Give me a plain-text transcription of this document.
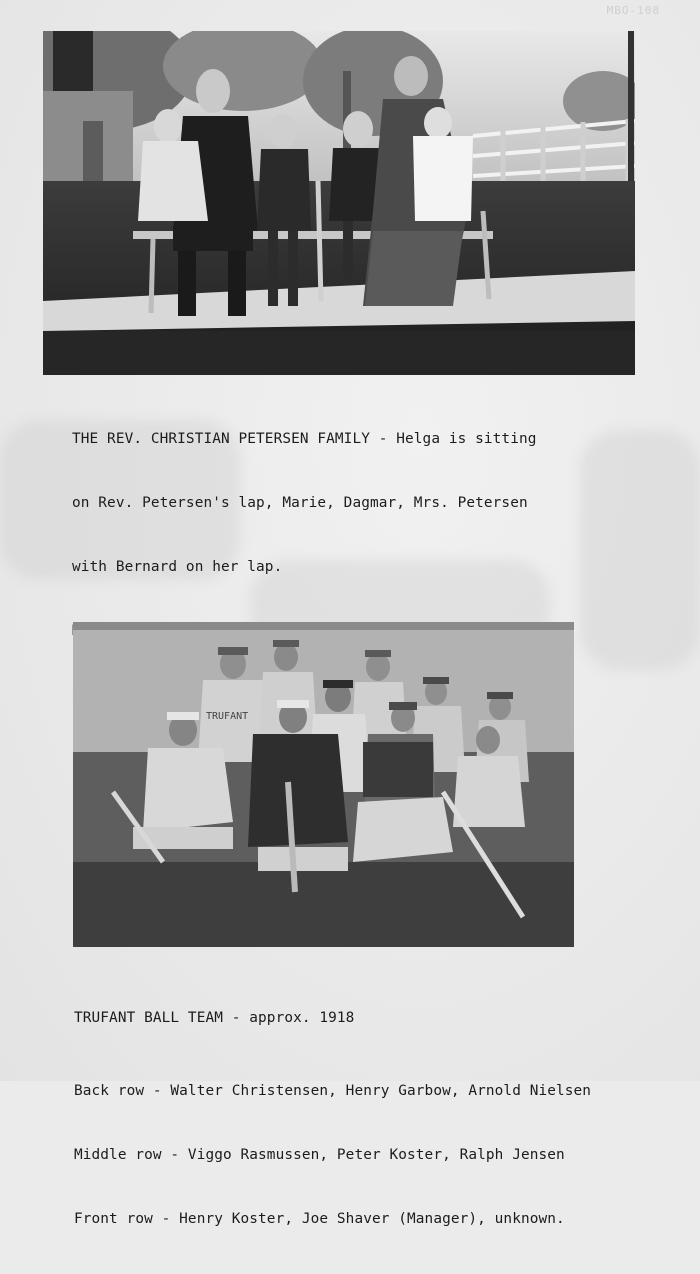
MBO-108

THE REV. CHRISTIAN PETERSEN FAMILY - Helga is sitting

on Rev. Petersen's lap, Marie, Dagmar, Mrs. Petersen

with Bernard on her lap.

TRUFANT

TRUFANT BALL TEAM - approx. 1918

Back row - Walter Christensen, Henry Garbow, Arnold Nielsen

Middle row - Viggo Rasmussen, Peter Koster, Ralph Jensen

Front row - Henry Koster, Joe Shaver (Manager), unknown.
